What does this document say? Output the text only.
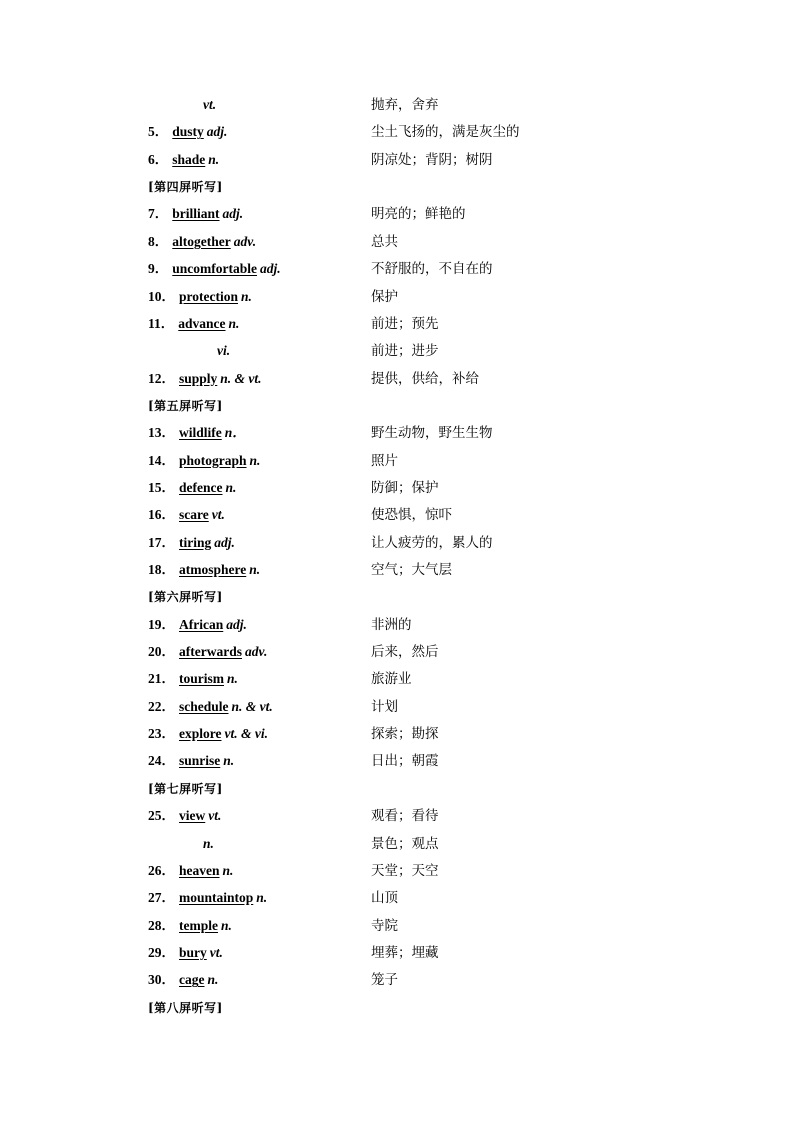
vt.	抛弃，舍弃
5． dusty adj.	尘土飞扬的，满是灰尘的
6． shade n.	阴凉处；背阴；树阴
[第四屏听写]
7． brilliant adj.	明亮的；鲜艳的
8． altogether adv.	总共
9． uncomfortable adj.	不舒服的，不自在的
10． protection n.	保护
11． advance n.	前进；预先
vi.	前进；进步
12． supply n. & vt.	提供，供给，补给
[第五屏听写]
13． wildlife n．	野生动物，野生生物
14． photograph n.	照片
15． defence n.	防御；保护
16． scare vt.	使恐惧，惊吓
17． tiring adj.	让人疲劳的，累人的
18． atmosphere n.	空气；大气层
[第六屏听写]
19． African adj.	非洲的
20． afterwards adv.	后来，然后
21． tourism n.	旅游业
22． schedule n. & vt.	计划
23． explore vt. & vi.	探索；勘探
24． sunrise n.	日出；朝霞
[第七屏听写]
25． view vt.	观看；看待
n.	景色；观点
26． heaven n.	天堂；天空
27． mountaintop n.	山顶
28． temple n.	寺院
29． bury vt.	埋葬；埋藏
30． cage n.	笼子
[第八屏听写]
